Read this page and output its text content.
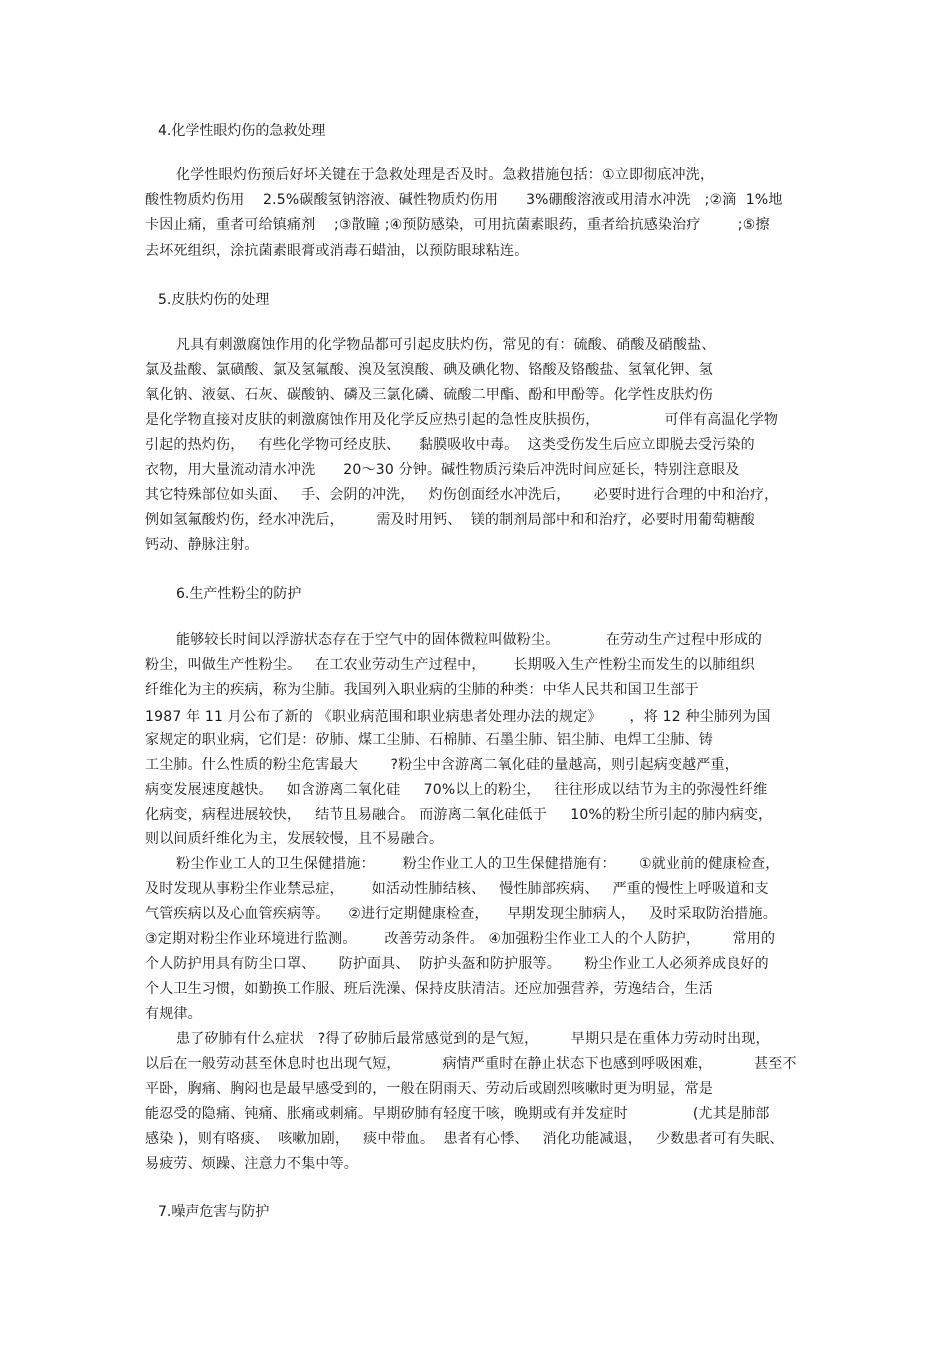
4.化学性眼灼伤的急救处理
化学性眼灼伤预后好坏关键在于急救处理是否及时。急救措施包括：①立即彻底冲洗，
酸性物质灼伤用    2.5%碳酸氢钠溶液、碱性物质灼伤用      3%硼酸溶液或用清水冲洗   ;②滴  1%地
卡因止痛，重者可给镇痛剂    ;③散瞳 ;④预防感染，可用抗菌素眼药，重者给抗感染治疗        ;⑤擦
去坏死组织，涂抗菌素眼膏或消毒石蜡油，以预防眼球粘连。
5.皮肤灼伤的处理
凡具有刺激腐蚀作用的化学物品都可引起皮肤灼伤，常见的有：硫酸、硝酸及硝酸盐、
氯及盐酸、氯磺酸、氯及氢氟酸、溴及氢溴酸、碘及碘化物、铬酸及铬酸盐、氢氧化钾、氢
氧化钠、液氨、石灰、碳酸钠、磷及三氯化磷、硫酸二甲酯、酚和甲酚等。化学性皮肤灼伤
是化学物直接对皮肤的刺激腐蚀作用及化学反应热引起的急性皮肤损伤，              可伴有高温化学物
引起的热灼伤，   有些化学物可经皮肤、    黏膜吸收中毒。  这类受伤发生后应立即脱去受污染的
衣物，用大量流动清水冲洗      20～30 分钟。碱性物质污染后冲洗时间应延长，特别注意眼及
其它特殊部位如头面、   手、会阴的冲洗，   灼伤创面经水冲洗后，     必要时进行合理的中和治疗，
例如氢氟酸灼伤，经水冲洗后，       需及时用钙、  镁的制剂局部中和和治疗，必要时用葡萄糖酸
钙动、静脉注射。
6.生产性粉尘的防护
能够较长时间以浮游状态存在于空气中的固体微粒叫做粉尘。          在劳动生产过程中形成的
粉尘，叫做生产性粉尘。   在工农业劳动生产过程中，      长期吸入生产性粉尘而发生的以肺组织
纤维化为主的疾病，称为尘肺。我国列入职业病的尘肺的种类：中华人民共和国卫生部于
1987 年 11 月公布了新的 《职业病范围和职业病患者处理办法的规定》      ，将 12 种尘肺列为国
家规定的职业病，它们是：矽肺、煤工尘肺、石棉肺、石墨尘肺、铝尘肺、电焊工尘肺、铸
工尘肺。什么性质的粉尘危害最大       ?粉尘中含游离二氧化硅的量越高，则引起病变越严重，
病变发展速度越快。   如含游离二氧化硅     70%以上的粉尘，   往往形成以结节为主的弥漫性纤维
化病变，病程进展较快，   结节且易融合。 而游离二氧化硅低于     10%的粉尘所引起的肺内病变，
则以间质纤维化为主，发展较慢，且不易融合。
粉尘作业工人的卫生保健措施：      粉尘作业工人的卫生保健措施有：     ①就业前的健康检查，
及时发现从事粉尘作业禁忌症，      如活动性肺结核、   慢性肺部疾病、   严重的慢性上呼吸道和支
气管疾病以及心血管疾病等。    ②进行定期健康检查，    早期发现尘肺病人，   及时采取防治措施。
③定期对粉尘作业环境进行监测。      改善劳动条件。 ④加强粉尘作业工人的个人防护，       常用的
个人防护用具有防尘口罩、     防护面具、  防护头盔和防护服等。     粉尘作业工人必须养成良好的
个人卫生习惯，如勤换工作服、班后洗澡、保持皮肤清洁。还应加强营养，劳逸结合，生活
有规律。
患了矽肺有什么症状   ?得了矽肺后最常感觉到的是气短，       早期只是在重体力劳动时出现，
以后在一般劳动甚至休息时也出现气短，         病情严重时在静止状态下也感到呼吸困难，         甚至不
平卧，胸痛、胸闷也是最早感受到的，一般在阴雨天、劳动后或剧烈咳嗽时更为明显，常是
能忍受的隐痛、钝痛、胀痛或刺痛。早期矽肺有轻度干咳，晚期或有并发症时              (尤其是肺部
感染 )，则有咯痰、  咳嗽加剧，   痰中带血。  患者有心悸、   消化功能减退，   少数患者可有失眠、
易疲劳、烦躁、注意力不集中等。
7.噪声危害与防护
